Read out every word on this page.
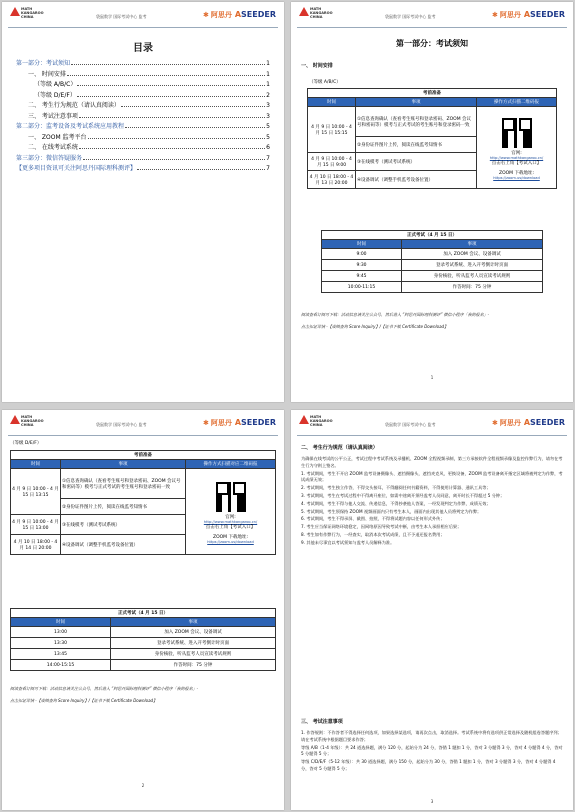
MATH
KANGAROO
CHINA	袋鼠数学 国际考试中心 监考	✱ 阿思丹 ASEEDER
目录
第一部分：考试须知	1
一、 时间安排	1
（等级 A/B/C）	1
（等级 D/E/F）	2
二、 考生行为规范（请认真阅读）	3
三、 考试注意事项	3
第二部分：监考设备及考试系统应用教程	5
一、 ZOOM 监考平台	5
二、 在线考试系统	6
第三部分：微信答疑服务	7
【更多项目资讯可关注阿思丹国际理科测评】	7
MATH
KANGAROO
CHINA	袋鼠数学 国际考试中心 监考	✱ 阿思丹 ASEEDER
第一部分：考试须知
一、 时间安排
（等级 A/B/C）
考前准备		
时间	事项	操作方式扫描二维码报
4 月 9 日 10:00 - 4 月 15 日 15:15	①信息查询确认（查看考生账号和登录密码、ZOOM 会议号和密码等）模考与正式考试的考生账号和登录密码一致	官网:
http://www.mathkangaroo.cn/
点击右上角【考试入口】
ZOOM 下载地址:
https://zoom.us/download

	②身份证件图片上传，阅读在线监考知情书	
4 月 9 日 10:00 - 4 月 15 日 9:00	③在线模考（测试考试系统）	
4 月 10 日 18:00 - 4 月 13 日 20:00	④设备调试（调整手机监考设备位置）	
正式考试（4 月 15 日）	
时间	事项
9:00	加入 ZOOM 会议、设备调试
9:30	登录考试系统、进入开考倒计时页面
9:45	身份核验，听从监考人员宣读考试规则
10:00-11:15	作答时间：75 分钟
阅读查看订阅可下载：活动信息请关注公众号，然后进入 “阿思丹国际理科测评” 微信小程序「我的报名」-
点击扣证详情 -【成绩查询 Score Inquiry】/【证书下载 Certificate Download】
1
MATH
KANGAROO
CHINA	袋鼠数学 国际考试中心 监考	✱ 阿思丹 ASEEDER
（等级 D/E/F）
考前准备		
时间	事项	操作方式扫描对应二维码报
4 月 9 日 10:00 - 4 月 15 日 13:15	①信息查询确认（查看考生账号和登录密码、ZOOM 会议号和密码等）模考与正式考试的考生账号和登录密码一致	官网:
http://www.mathkangaroo.cn/
点击右上角【考试入口】
ZOOM 下载地址:
https://zoom.us/download

	②身份证件图片上传，阅读在线监考知情书	
4 月 9 日 10:00 - 4 月 15 日 13:00	③在线模考（测试考试系统）	
4 月 10 日 18:00 - 4 月 14 日 20:00	④设备调试（调整手机监考设备位置）	
正式考试（4 月 15 日）	
时间	事项
13:00	加入 ZOOM 会议、设备调试
13:30	登录考试系统、进入开考倒计时页面
13:45	身份核验，听从监考人员宣读考试规则
14:00-15:15	作答时间：75 分钟
阅读查看订阅可下载：活动信息请关注公众号，然后进入 “阿思丹国际理科测评” 微信小程序「我的报名」-
点击扣证详情 -【成绩查询 Score Inquiry】/【证书下载 Certificate Download】
2
MATH
KANGAROO
CHINA	袋鼠数学 国际考试中心 监考	✱ 阿思丹 ASEEDER
二、 考生行为规范（请认真阅读）

为确保在线考试的公平公正，考试过程中考试系统及录播机、ZOOM 全程视频录制，第三方承接软件全程视频录像及监控作弊行为，请勿在考生行为守则上签名。

1. 考试期间，考生不开启 ZOOM 监考设备摄像头、遮挡摄像头，遮挡麦克风，更换设备，ZOOM 监考设备离开指定区域将被判定为作弊，考试成绩无效；

2. 考试期间，考生独立作答，不得交头接耳，不得翻阅任何书籍资料，不得使用计算器、通讯工具等；

3. 考试期间，考生在考试过程中不得离开座位，如需中途离开须经监考人员同意，离开时长不得超过 5 分钟；

4. 考试期间，考生不得与他人交流、传递信息，不得抄袭他人答案，一经发现判定为作弊，成绩无效；

5. 考试期间，考生须保持 ZOOM 视频画面内只有考生本人，画面内出现其他人员将判定为作弊；

6. 考试期间，考生不得录屏、截图、拍照，不得将试题内容以任何形式外传；

7. 考生应当保证网络环境稳定，因网络原因导致考试中断，由考生本人承担相应后果；

8. 考生如有作弊行为，一经查实，取消本次考试成绩，且不予退还报名费用；

9. 其他未尽事宜以考试须知与监考人员解释为准。

三、 考试注意事项

1. 作答规则：不作答者不得选择任何选项，如果选择某选项，请再次点击，取消选择。考试系统中将有选项供正常选择及随机组卷答题序列；请在考试系统中根据题目要求作答；

等级 A/B（1-4 年级）：共 24 道选择题，满分 120 分，起始分为 24 分，答错 1 题扣 1 分，答对 3 分题得 3 分，答对 4 分题得 4 分，答对 5 分题得 5 分；

等级 C/D/E/F（5-12 年级）：共 30 道选择题，满分 150 分，起始分为 30 分，答错 1 题扣 1 分，答对 3 分题得 3 分，答对 4 分题得 4 分，答对 5 分题得 5 分；

3
